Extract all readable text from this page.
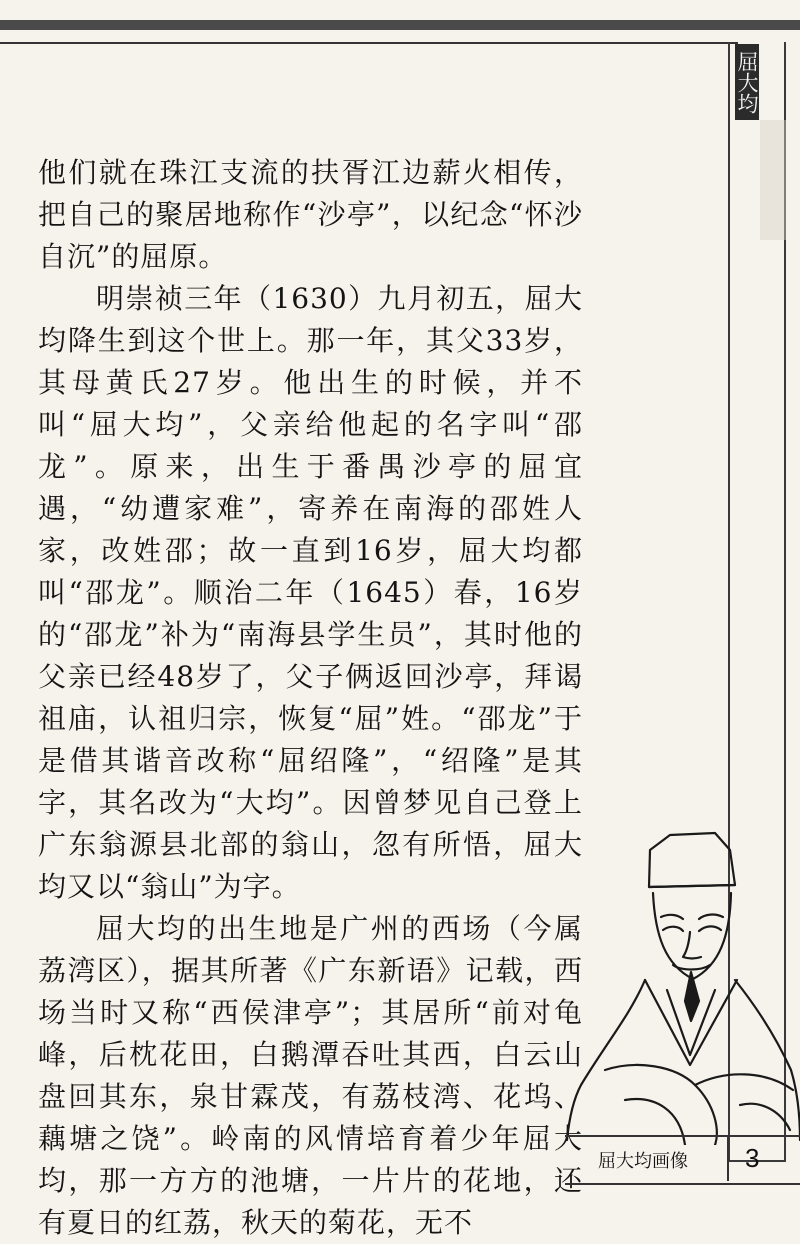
屈大均

他们就在珠江支流的扶胥江边薪火相传，把自己的聚居地称作“沙亭”，以纪念“怀沙自沉”的屈原。

明崇祯三年（1630）九月初五，屈大均降生到这个世上。那一年，其父33岁，其母黄氏27岁。他出生的时候，并不叫“屈大均”，父亲给他起的名字叫“邵龙”。原来，出生于番禺沙亭的屈宜遇，“幼遭家难”，寄养在南海的邵姓人家，改姓邵；故一直到16岁，屈大均都叫“邵龙”。顺治二年（1645）春，16岁的“邵龙”补为“南海县学生员”，其时他的父亲已经48岁了，父子俩返回沙亭，拜谒祖庙，认祖归宗，恢复“屈”姓。“邵龙”于是借其谐音改称“屈绍隆”，“绍隆”是其字，其名改为“大均”。因曾梦见自己登上广东翁源县北部的翁山，忽有所悟，屈大均又以“翁山”为字。

屈大均的出生地是广州的西场（今属荔湾区），据其所著《广东新语》记载，西场当时又称“西侯津亭”；其居所“前对龟峰，后枕花田，白鹅潭吞吐其西，白云山盘回其东，泉甘霖茂，有荔枝湾、花坞、藕塘之饶”。岭南的风情培育着少年屈大均，那一方方的池塘，一片片的花地，还有夏日的红荔，秋天的菊花，无不

屈大均画像 3
